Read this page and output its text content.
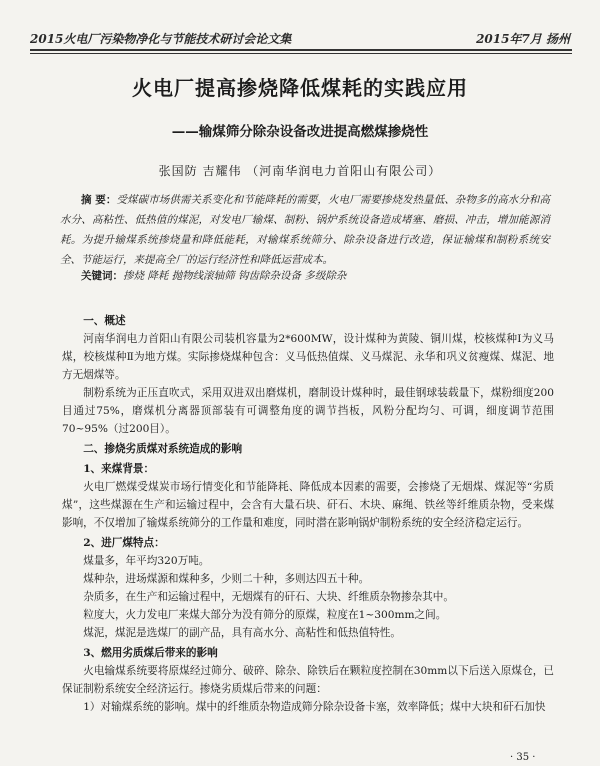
2015火电厂污染物净化与节能技术研讨会论文集	2015年7月 扬州
火电厂提高掺烧降低煤耗的实践应用
——输煤筛分除杂设备改进提高燃煤掺烧性
张国防 吉耀伟 （河南华润电力首阳山有限公司）
摘 要：受煤碳市场供需关系变化和节能降耗的需要，火电厂需要掺烧发热量低、杂物多的高水分和高水分、高粘性、低热值的煤泥，对发电厂输煤、制粉、锅炉系统设备造成堵塞、磨损、冲击，增加能源消耗。为提升输煤系统掺烧量和降低能耗，对输煤系统筛分、除杂设备进行改造，保证输煤和制粉系统安全、节能运行，来提高全厂的运行经济性和降低运营成本。
关键词：掺烧 降耗 抛物线滚轴筛 钩齿除杂设备 多级除杂

一、概述

河南华润电力首阳山有限公司装机容量为2*600MW，设计煤种为黄陵、铜川煤，校核煤种Ⅰ为义马煤，校核煤种Ⅱ为地方煤。实际掺烧煤种包含：义马低热值煤、义马煤泥、永华和巩义贫瘦煤、煤泥、地方无烟煤等。

制粉系统为正压直吹式，采用双进双出磨煤机，磨制设计煤种时，最佳钢球装载量下，煤粉细度200目通过75%，磨煤机分离器顶部装有可调整角度的调节挡板，风粉分配均匀、可调，细度调节范围70~95%（过200目）。

二、掺烧劣质煤对系统造成的影响

1、来煤背景：

火电厂燃煤受煤炭市场行情变化和节能降耗、降低成本因素的需要，会掺烧了无烟煤、煤泥等“劣质煤”，这些煤源在生产和运输过程中，会含有大量石块、矸石、木块、麻绳、铁丝等纤维质杂物，受来煤影响，不仅增加了输煤系统筛分的工作量和难度，同时潜在影响锅炉制粉系统的安全经济稳定运行。

2、进厂煤特点：

煤量多，年平均320万吨。

煤种杂，进场煤源和煤种多，少则二十种，多则达四五十种。

杂质多，在生产和运输过程中，无烟煤有的矸石、大块、纤维质杂物掺杂其中。

粒度大，火力发电厂来煤大部分为没有筛分的原煤，粒度在1~300mm之间。

煤泥，煤泥是选煤厂的副产品，具有高水分、高粘性和低热值特性。

3、燃用劣质煤后带来的影响

火电输煤系统要将原煤经过筛分、破碎、除杂、除铁后在颗粒度控制在30mm以下后送入原煤仓，已保证制粉系统安全经济运行。掺烧劣质煤后带来的问题：

1）对输煤系统的影响。煤中的纤维质杂物造成筛分除杂设备卡塞，效率降低；煤中大块和矸石加快

· 35 ·
